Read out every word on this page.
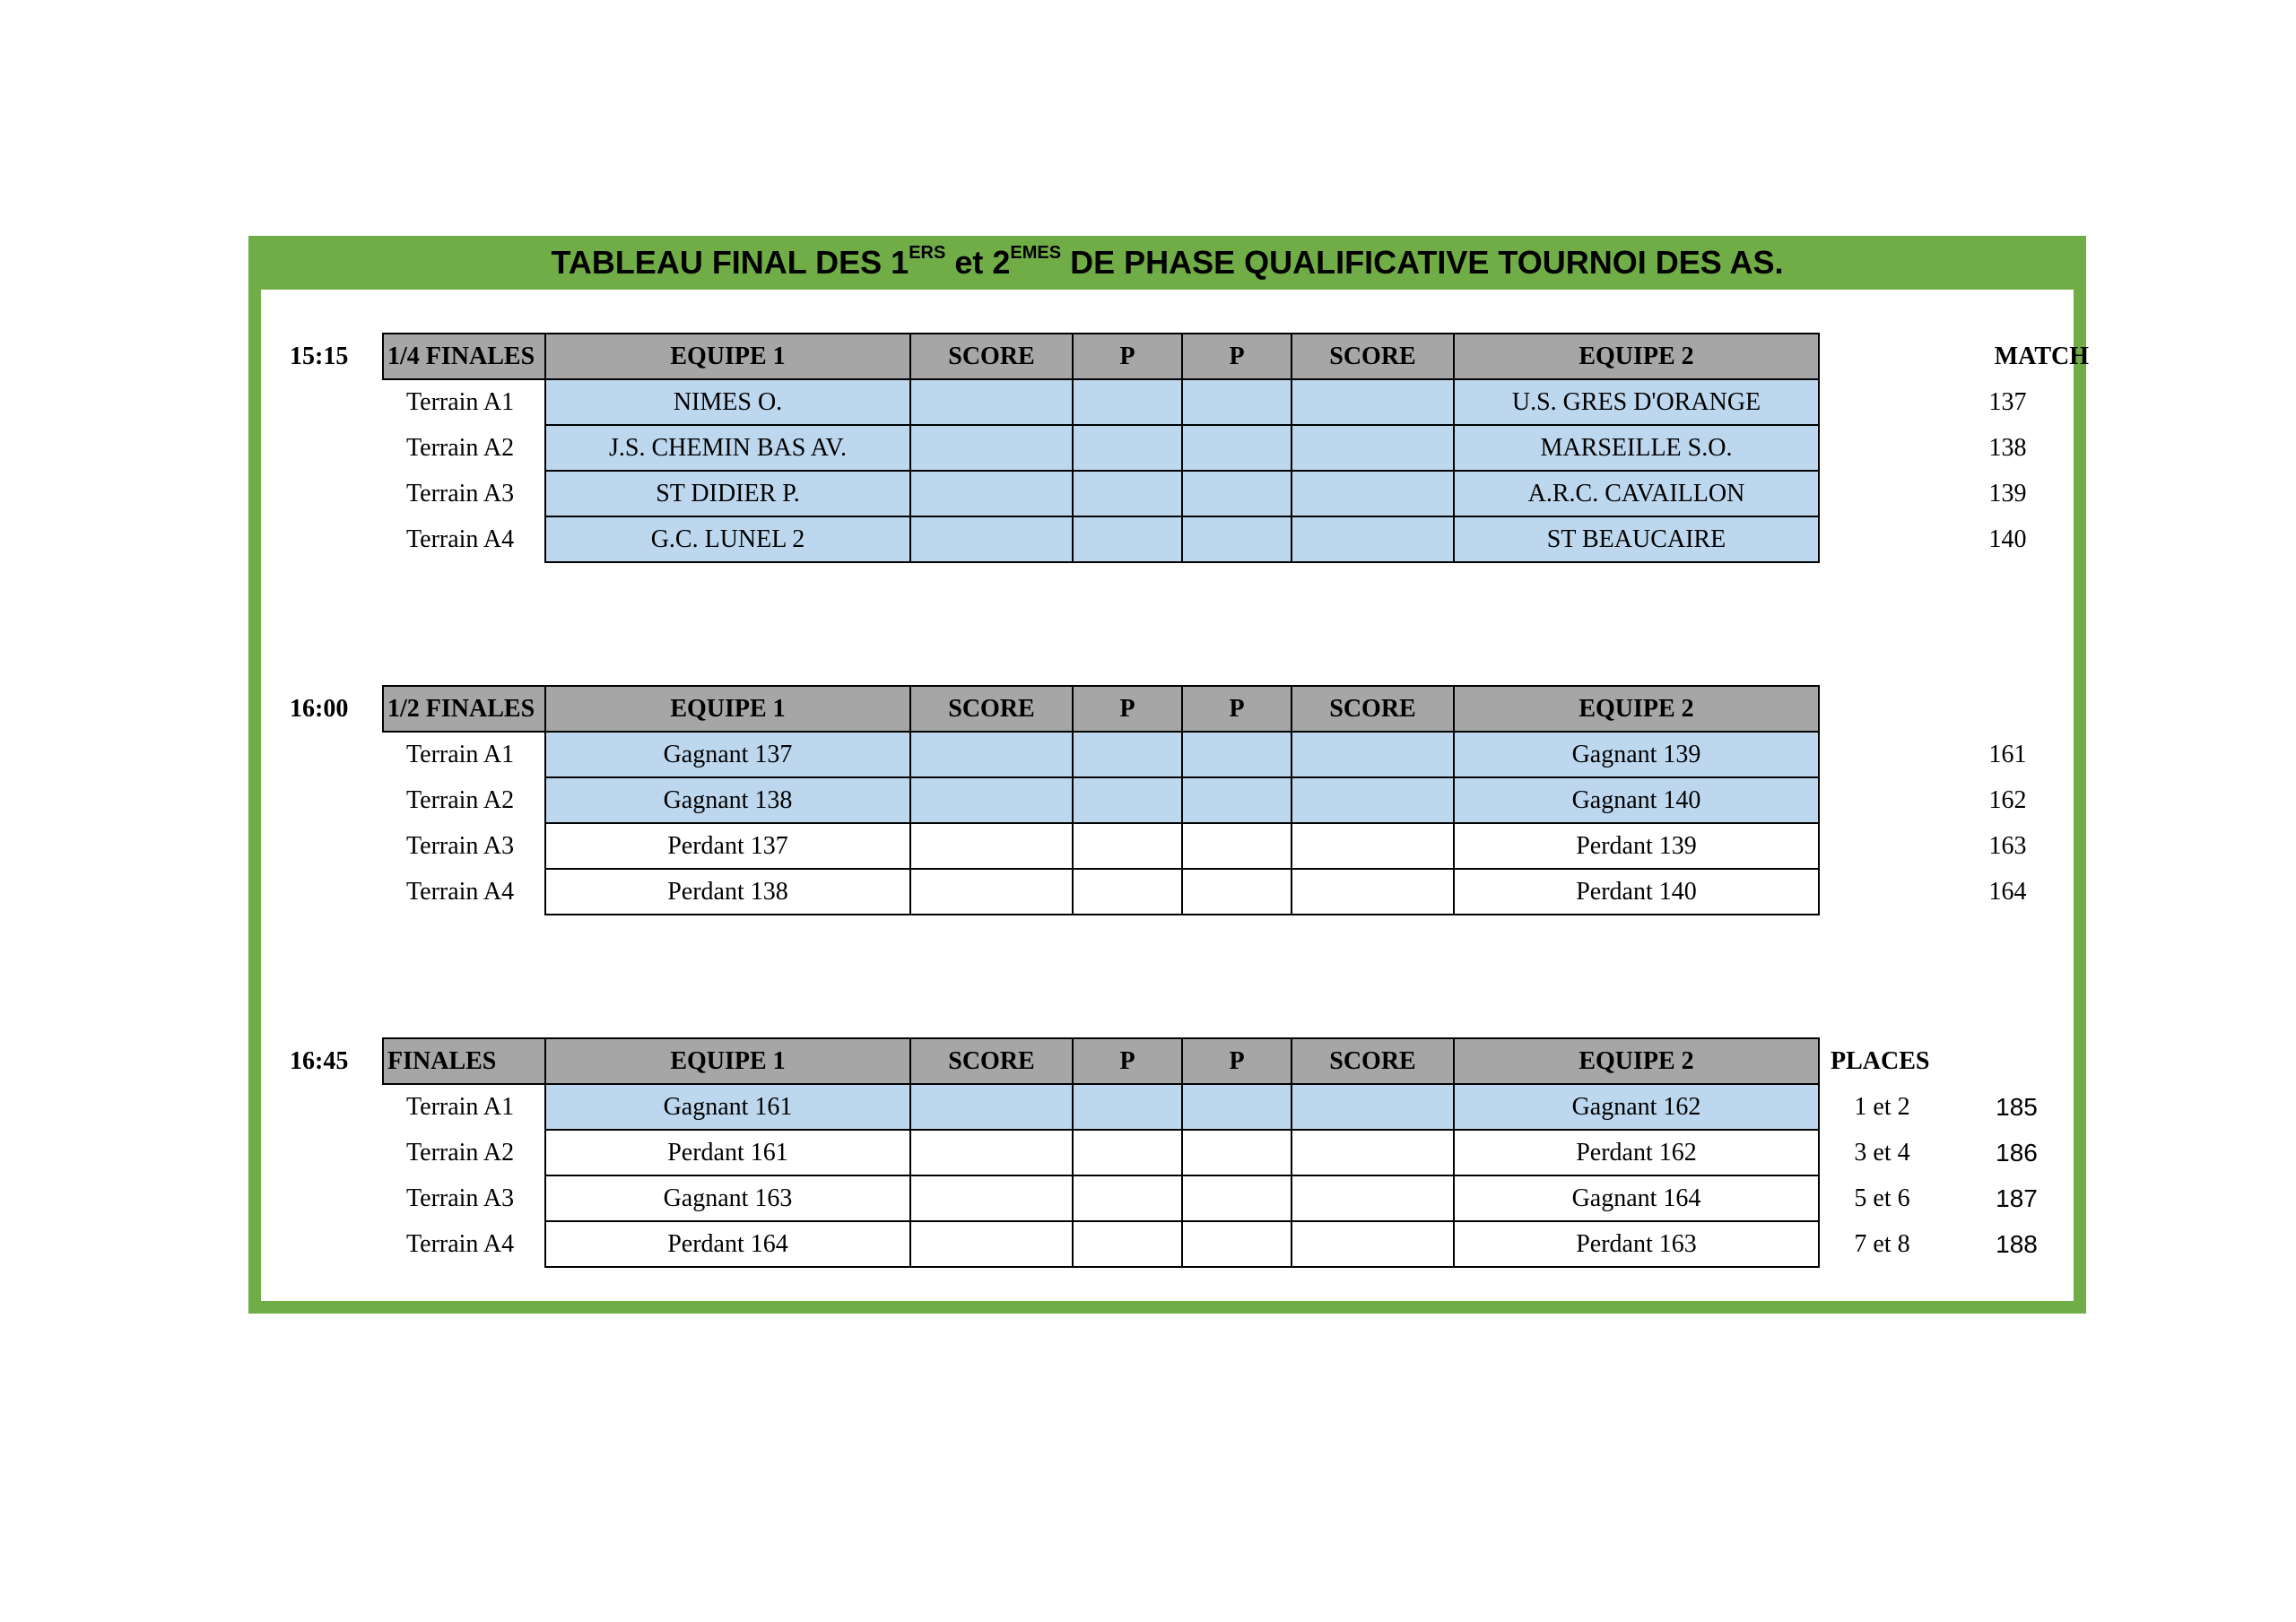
TABLEAU FINAL DES 1ERS et 2EMES DE PHASE QUALIFICATIVE TOURNOI DES AS.
15:15	1/4 FINALES	EQUIPE 1	SCORE	P	P	SCORE	EQUIPE 2		MATCH
	Terrain A1	NIMES O.					U.S. GRES D'ORANGE		137
	Terrain A2	J.S. CHEMIN BAS AV.					MARSEILLE S.O.		138
	Terrain A3	ST DIDIER P.					A.R.C. CAVAILLON		139
	Terrain A4	G.C. LUNEL 2					ST BEAUCAIRE		140
16:00	1/2 FINALES	EQUIPE 1	SCORE	P	P	SCORE	EQUIPE 2		
	Terrain A1	Gagnant 137					Gagnant 139		161
	Terrain A2	Gagnant 138					Gagnant 140		162
	Terrain A3	Perdant 137					Perdant 139		163
	Terrain A4	Perdant 138					Perdant 140		164
16:45	FINALES	EQUIPE 1	SCORE	P	P	SCORE	EQUIPE 2	PLACES	
	Terrain A1	Gagnant 161					Gagnant 162	1 et 2	185
	Terrain A2	Perdant 161					Perdant 162	3 et 4	186
	Terrain A3	Gagnant 163					Gagnant 164	5 et 6	187
	Terrain A4	Perdant 164					Perdant 163	7 et 8	188
